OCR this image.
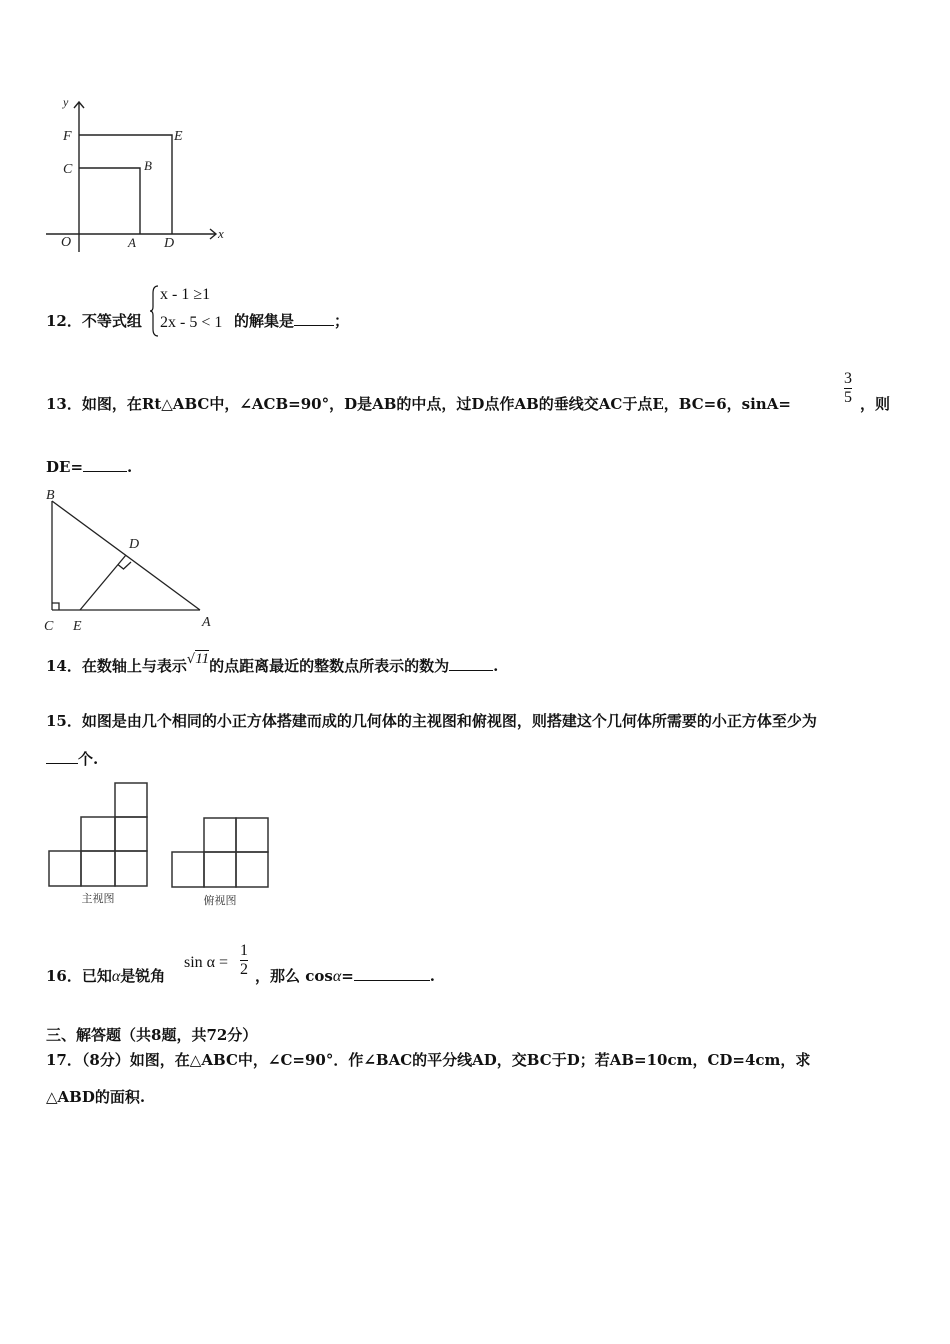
y
x
O
F	E
C	B
A D
12．不等式组
x - 1 ≥1
2x - 5 < 1 的解集是	；
13．如图，在Rt△ABC中，∠ACB=90°，D是AB的中点，过D点作AB的垂线交AC于点E，BC=6，sinA=	$\frac{3}{5}$ ，则
DE=	.
B
D
C E	A
14．在数轴上与表示√11的点距离最近的整数点所表示的数为	.
15．如图是由几个相同的小正方体搭建而成的几何体的主视图和俯视图，则搭建这个几何体所需要的小正方体至少为
个.
主视图	俯视图
16．已知α是锐角
$\sin \alpha = \frac{1}{2}$ ，那么 cosα=	.
三、解答题（共8题，共72分）
17．（8分）如图，在△ABC中，∠C=90°．作∠BAC的平分线AD，交BC于D；若AB=10cm，CD=4cm，求
△ABD的面积.
